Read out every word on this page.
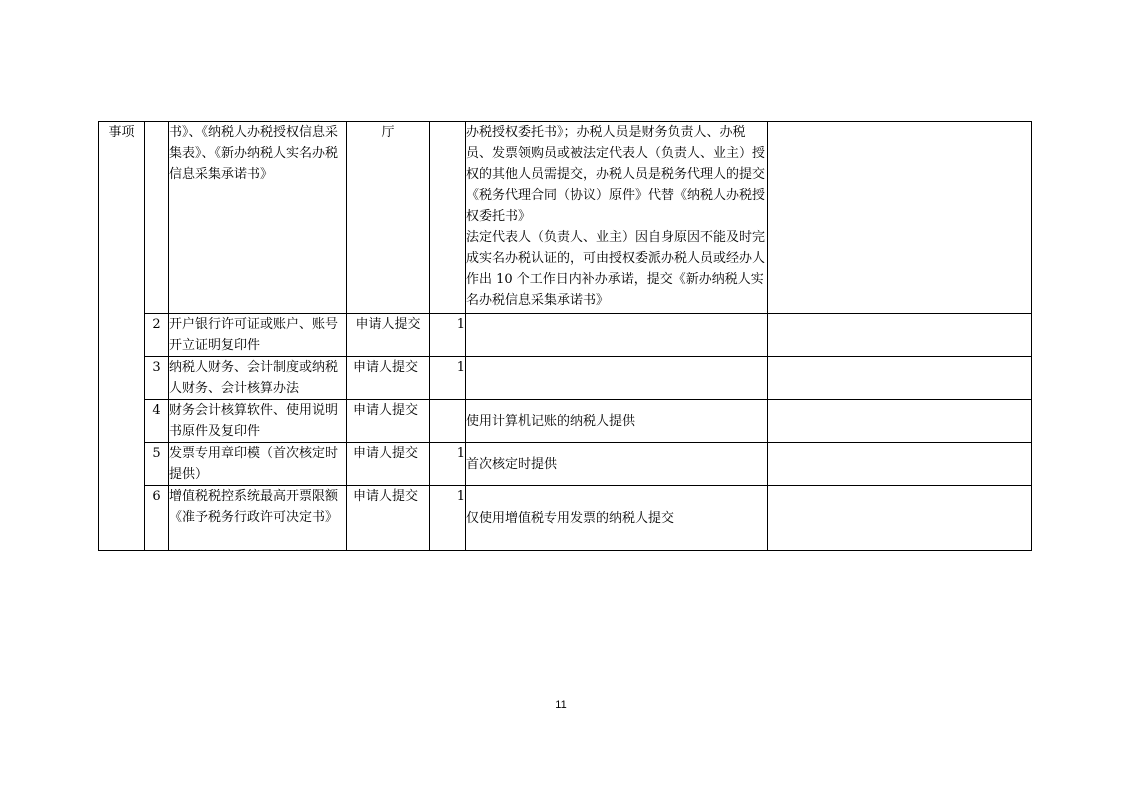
事项		书》、《纳税人办税授权信息采集表》、《新办纳税人实名办税信息采集承诺书》	厅		办税授权委托书》；办税人员是财务负责人、办税员、发票领购员或被法定代表人（负责人、业主）授权的其他人员需提交，办税人员是税务代理人的提交《税务代理合同（协议）原件》代替《纳税人办税授权委托书》
法定代表人（负责人、业主）因自身原因不能及时完成实名办税认证的，可由授权委派办税人员或经办人作出 10 个工作日内补办承诺，提交《新办纳税人实名办税信息采集承诺书》	
	2	开户银行许可证或账户、账号开立证明复印件	申请人提交	1		
	3	纳税人财务、会计制度或纳税人财务、会计核算办法	申请人提交	1		
	4	财务会计核算软件、使用说明书原件及复印件	申请人提交		使用计算机记账的纳税人提供	
	5	发票专用章印模（首次核定时提供）	申请人提交	1	首次核定时提供	
	6	增值税税控系统最高开票限额《准予税务行政许可决定书》	申请人提交	1	仅使用增值税专用发票的纳税人提交	
11
